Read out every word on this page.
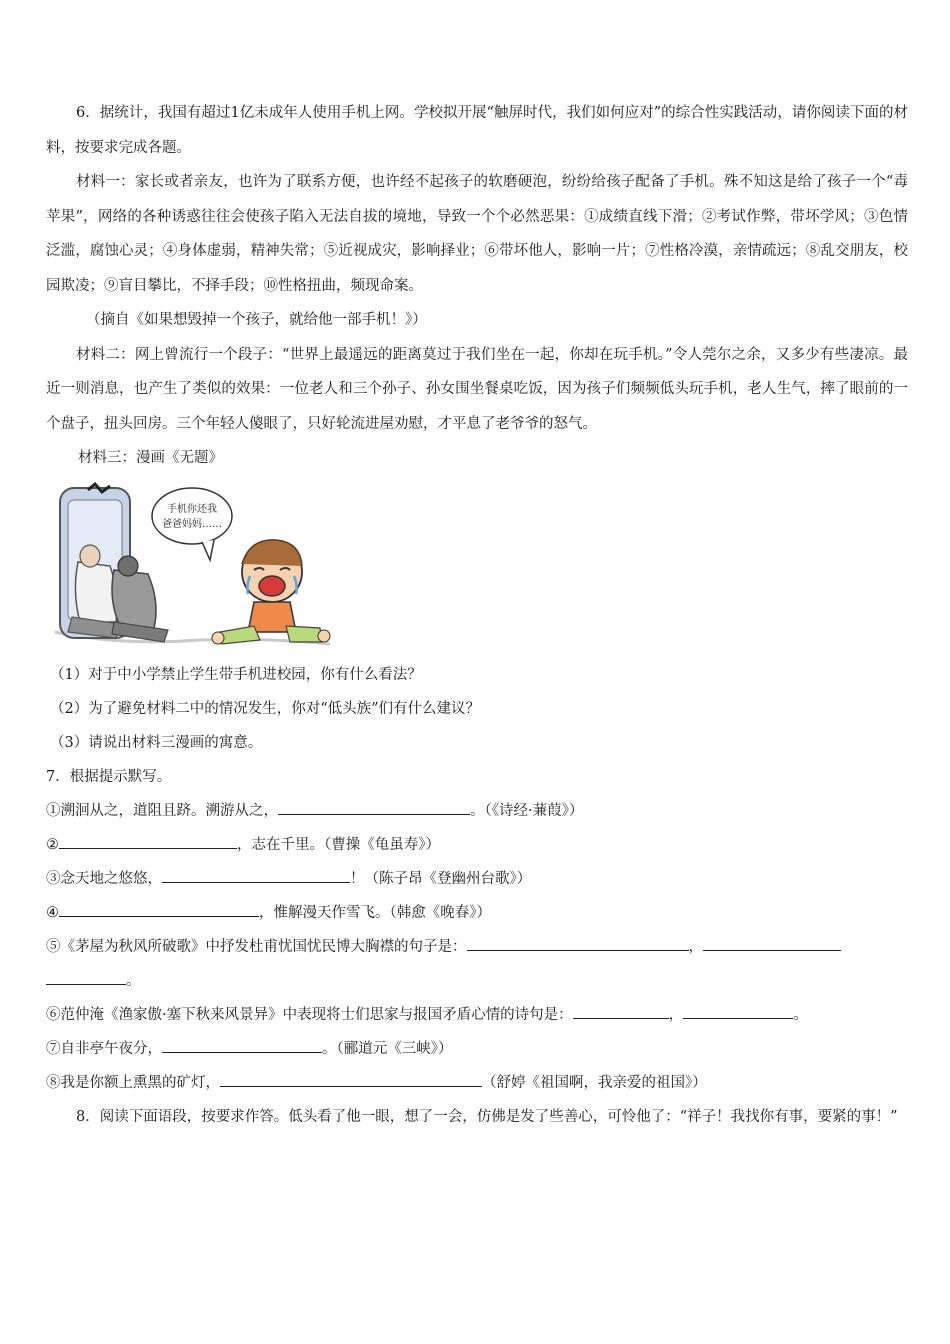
6．据统计，我国有超过1亿未成年人使用手机上网。学校拟开展“触屏时代，我们如何应对”的综合性实践活动，请你阅读下面的材料，按要求完成各题。

材料一：家长或者亲友，也许为了联系方便，也许经不起孩子的软磨硬泡，纷纷给孩子配备了手机。殊不知这是给了孩子一个“毒苹果”，网络的各种诱惑往往会使孩子陷入无法自拔的境地，导致一个个必然恶果：①成绩直线下滑；②考试作弊，带坏学风；③色情泛滥，腐蚀心灵；④身体虚弱，精神失常；⑤近视成灾，影响择业；⑥带坏他人，影响一片；⑦性格冷漠，亲情疏远；⑧乱交朋友，校园欺凌；⑨盲目攀比，不择手段；⑩性格扭曲，频现命案。

（摘自《如果想毁掉一个孩子，就给他一部手机！》）

材料二：网上曾流行一个段子：“世界上最遥远的距离莫过于我们坐在一起，你却在玩手机。”令人莞尔之余，又多少有些凄凉。最近一则消息，也产生了类似的效果：一位老人和三个孙子、孙女围坐餐桌吃饭，因为孩子们频频低头玩手机，老人生气，摔了眼前的一个盘子，扭头回房。三个年轻人傻眼了，只好轮流进屋劝慰，才平息了老爷爷的怒气。

材料三：漫画《无题》
手机你还我
爸爸妈妈……
（1）对于中小学禁止学生带手机进校园，你有什么看法？
（2）为了避免材料二中的情况发生，你对“低头族”们有什么建议？
（3）请说出材料三漫画的寓意。
7．根据提示默写。
①溯洄从之，道阻且跻。溯游从之，	。（《诗经·蒹葭》）
②	，志在千里。（曹操《龟虽寿》）
③念天地之悠悠，	！（陈子昂《登幽州台歌》）
④	，惟解漫天作雪飞。（韩愈《晚春》）
⑤《茅屋为秋风所破歌》中抒发杜甫忧国忧民博大胸襟的句子是：	，
。
⑥范仲淹《渔家傲·塞下秋来风景异》中表现将士们思家与报国矛盾心情的诗句是：	，	。
⑦自非亭午夜分，	。（郦道元《三峡》）
⑧我是你额上熏黑的矿灯，	（舒婷《祖国啊，我亲爱的祖国》）

8．阅读下面语段，按要求作答。低头看了他一眼，想了一会，仿佛是发了些善心，可怜他了：“祥子！我找你有事，要紧的事！”
